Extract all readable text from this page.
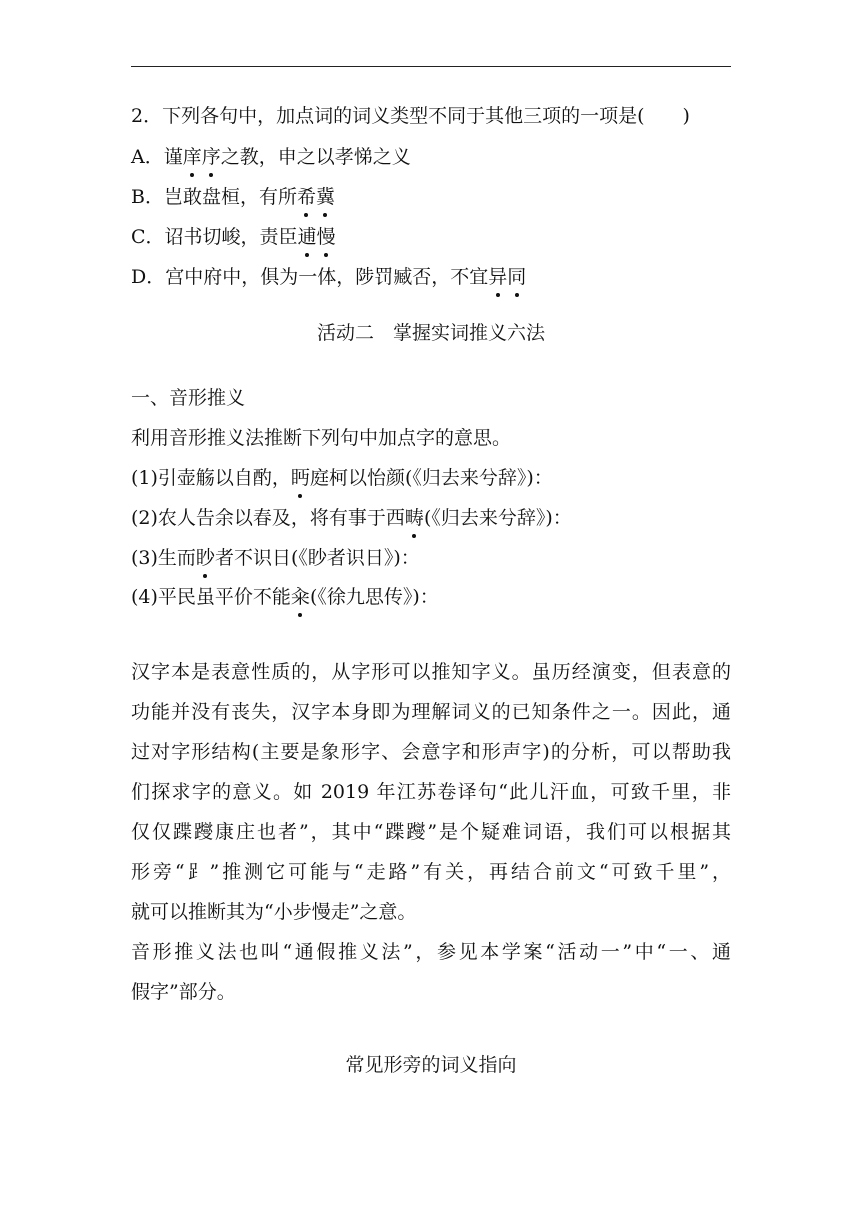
2．下列各句中，加点词的词义类型不同于其他三项的一项是(　　)
A．谨庠序之教，申之以孝悌之义
B．岂敢盘桓，有所希冀
C．诏书切峻，责臣逋慢
D．宫中府中，俱为一体，陟罚臧否，不宜异同
活动二　掌握实词推义六法
一、音形推义
利用音形推义法推断下列句中加点字的意思。
(1)引壶觞以自酌，眄庭柯以怡颜(《归去来兮辞》)：
(2)农人告余以春及，将有事于西畴(《归去来兮辞》)：
(3)生而眇者不识日(《眇者识日》)：
(4)平民虽平价不能籴(《徐九思传》)：
汉字本是表意性质的，从字形可以推知字义。虽历经演变，但表意的
功能并没有丧失，汉字本身即为理解词义的已知条件之一。因此，通
过对字形结构(主要是象形字、会意字和形声字)的分析，可以帮助我
们探求字的意义。如 2019 年江苏卷译句“此儿汗血，可致千里，非
仅仅蹀躞康庄也者”，其中“蹀躞”是个疑难词语，我们可以根据其
形旁“⻊”推测它可能与“走路”有关，再结合前文“可致千里”，
就可以推断其为“小步慢走”之意。
音形推义法也叫“通假推义法”，参见本学案“活动一”中“一、通
假字”部分。
常见形旁的词义指向
